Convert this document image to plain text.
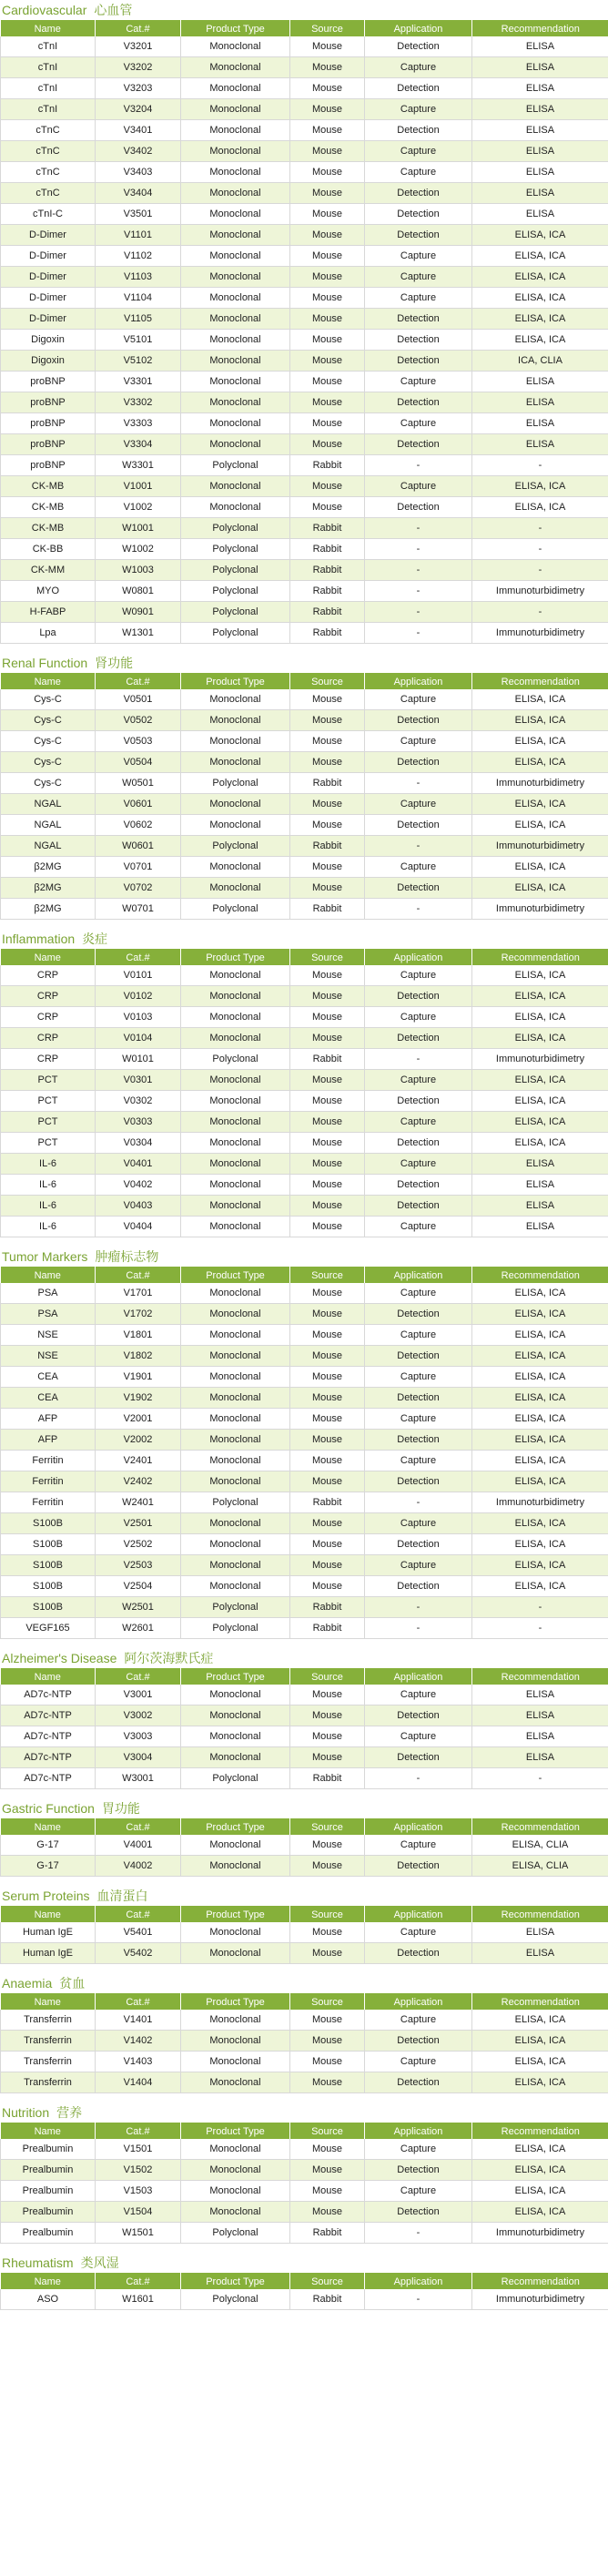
Cardiovascular 心血管
Name	Cat.#	Product Type	Source	Application	Recommendation
cTnI	V3201	Monoclonal	Mouse	Detection	ELISA
cTnI	V3202	Monoclonal	Mouse	Capture	ELISA
cTnI	V3203	Monoclonal	Mouse	Detection	ELISA
cTnI	V3204	Monoclonal	Mouse	Capture	ELISA
cTnC	V3401	Monoclonal	Mouse	Detection	ELISA
cTnC	V3402	Monoclonal	Mouse	Capture	ELISA
cTnC	V3403	Monoclonal	Mouse	Capture	ELISA
cTnC	V3404	Monoclonal	Mouse	Detection	ELISA
cTnI-C	V3501	Monoclonal	Mouse	Detection	ELISA
D-Dimer	V1101	Monoclonal	Mouse	Detection	ELISA, ICA
D-Dimer	V1102	Monoclonal	Mouse	Capture	ELISA, ICA
D-Dimer	V1103	Monoclonal	Mouse	Capture	ELISA, ICA
D-Dimer	V1104	Monoclonal	Mouse	Capture	ELISA, ICA
D-Dimer	V1105	Monoclonal	Mouse	Detection	ELISA, ICA
Digoxin	V5101	Monoclonal	Mouse	Detection	ELISA, ICA
Digoxin	V5102	Monoclonal	Mouse	Detection	ICA, CLIA
proBNP	V3301	Monoclonal	Mouse	Capture	ELISA
proBNP	V3302	Monoclonal	Mouse	Detection	ELISA
proBNP	V3303	Monoclonal	Mouse	Capture	ELISA
proBNP	V3304	Monoclonal	Mouse	Detection	ELISA
proBNP	W3301	Polyclonal	Rabbit	-	-
CK-MB	V1001	Monoclonal	Mouse	Capture	ELISA, ICA
CK-MB	V1002	Monoclonal	Mouse	Detection	ELISA, ICA
CK-MB	W1001	Polyclonal	Rabbit	-	-
CK-BB	W1002	Polyclonal	Rabbit	-	-
CK-MM	W1003	Polyclonal	Rabbit	-	-
MYO	W0801	Polyclonal	Rabbit	-	Immunoturbidimetry
H-FABP	W0901	Polyclonal	Rabbit	-	-
Lpa	W1301	Polyclonal	Rabbit	-	Immunoturbidimetry
Renal Function 肾功能
Name	Cat.#	Product Type	Source	Application	Recommendation
Cys-C	V0501	Monoclonal	Mouse	Capture	ELISA, ICA
Cys-C	V0502	Monoclonal	Mouse	Detection	ELISA, ICA
Cys-C	V0503	Monoclonal	Mouse	Capture	ELISA, ICA
Cys-C	V0504	Monoclonal	Mouse	Detection	ELISA, ICA
Cys-C	W0501	Polyclonal	Rabbit	-	Immunoturbidimetry
NGAL	V0601	Monoclonal	Mouse	Capture	ELISA, ICA
NGAL	V0602	Monoclonal	Mouse	Detection	ELISA, ICA
NGAL	W0601	Polyclonal	Rabbit	-	Immunoturbidimetry
β2MG	V0701	Monoclonal	Mouse	Capture	ELISA, ICA
β2MG	V0702	Monoclonal	Mouse	Detection	ELISA, ICA
β2MG	W0701	Polyclonal	Rabbit	-	Immunoturbidimetry
Inflammation 炎症
Name	Cat.#	Product Type	Source	Application	Recommendation
CRP	V0101	Monoclonal	Mouse	Capture	ELISA, ICA
CRP	V0102	Monoclonal	Mouse	Detection	ELISA, ICA
CRP	V0103	Monoclonal	Mouse	Capture	ELISA, ICA
CRP	V0104	Monoclonal	Mouse	Detection	ELISA, ICA
CRP	W0101	Polyclonal	Rabbit	-	Immunoturbidimetry
PCT	V0301	Monoclonal	Mouse	Capture	ELISA, ICA
PCT	V0302	Monoclonal	Mouse	Detection	ELISA, ICA
PCT	V0303	Monoclonal	Mouse	Capture	ELISA, ICA
PCT	V0304	Monoclonal	Mouse	Detection	ELISA, ICA
IL-6	V0401	Monoclonal	Mouse	Capture	ELISA
IL-6	V0402	Monoclonal	Mouse	Detection	ELISA
IL-6	V0403	Monoclonal	Mouse	Detection	ELISA
IL-6	V0404	Monoclonal	Mouse	Capture	ELISA
Tumor Markers 肿瘤标志物
Name	Cat.#	Product Type	Source	Application	Recommendation
PSA	V1701	Monoclonal	Mouse	Capture	ELISA, ICA
PSA	V1702	Monoclonal	Mouse	Detection	ELISA, ICA
NSE	V1801	Monoclonal	Mouse	Capture	ELISA, ICA
NSE	V1802	Monoclonal	Mouse	Detection	ELISA, ICA
CEA	V1901	Monoclonal	Mouse	Capture	ELISA, ICA
CEA	V1902	Monoclonal	Mouse	Detection	ELISA, ICA
AFP	V2001	Monoclonal	Mouse	Capture	ELISA, ICA
AFP	V2002	Monoclonal	Mouse	Detection	ELISA, ICA
Ferritin	V2401	Monoclonal	Mouse	Capture	ELISA, ICA
Ferritin	V2402	Monoclonal	Mouse	Detection	ELISA, ICA
Ferritin	W2401	Polyclonal	Rabbit	-	Immunoturbidimetry
S100B	V2501	Monoclonal	Mouse	Capture	ELISA, ICA
S100B	V2502	Monoclonal	Mouse	Detection	ELISA, ICA
S100B	V2503	Monoclonal	Mouse	Capture	ELISA, ICA
S100B	V2504	Monoclonal	Mouse	Detection	ELISA, ICA
S100B	W2501	Polyclonal	Rabbit	-	-
VEGF165	W2601	Polyclonal	Rabbit	-	-
Alzheimer's Disease 阿尔茨海默氏症
Name	Cat.#	Product Type	Source	Application	Recommendation
AD7c-NTP	V3001	Monoclonal	Mouse	Capture	ELISA
AD7c-NTP	V3002	Monoclonal	Mouse	Detection	ELISA
AD7c-NTP	V3003	Monoclonal	Mouse	Capture	ELISA
AD7c-NTP	V3004	Monoclonal	Mouse	Detection	ELISA
AD7c-NTP	W3001	Polyclonal	Rabbit	-	-
Gastric Function 胃功能
Name	Cat.#	Product Type	Source	Application	Recommendation
G-17	V4001	Monoclonal	Mouse	Capture	ELISA, CLIA
G-17	V4002	Monoclonal	Mouse	Detection	ELISA, CLIA
Serum Proteins 血清蛋白
Name	Cat.#	Product Type	Source	Application	Recommendation
Human IgE	V5401	Monoclonal	Mouse	Capture	ELISA
Human IgE	V5402	Monoclonal	Mouse	Detection	ELISA
Anaemia 贫血
Name	Cat.#	Product Type	Source	Application	Recommendation
Transferrin	V1401	Monoclonal	Mouse	Capture	ELISA, ICA
Transferrin	V1402	Monoclonal	Mouse	Detection	ELISA, ICA
Transferrin	V1403	Monoclonal	Mouse	Capture	ELISA, ICA
Transferrin	V1404	Monoclonal	Mouse	Detection	ELISA, ICA
Nutrition 营养
Name	Cat.#	Product Type	Source	Application	Recommendation
Prealbumin	V1501	Monoclonal	Mouse	Capture	ELISA, ICA
Prealbumin	V1502	Monoclonal	Mouse	Detection	ELISA, ICA
Prealbumin	V1503	Monoclonal	Mouse	Capture	ELISA, ICA
Prealbumin	V1504	Monoclonal	Mouse	Detection	ELISA, ICA
Prealbumin	W1501	Polyclonal	Rabbit	-	Immunoturbidimetry
Rheumatism 类风湿
Name	Cat.#	Product Type	Source	Application	Recommendation
ASO	W1601	Polyclonal	Rabbit	-	Immunoturbidimetry
